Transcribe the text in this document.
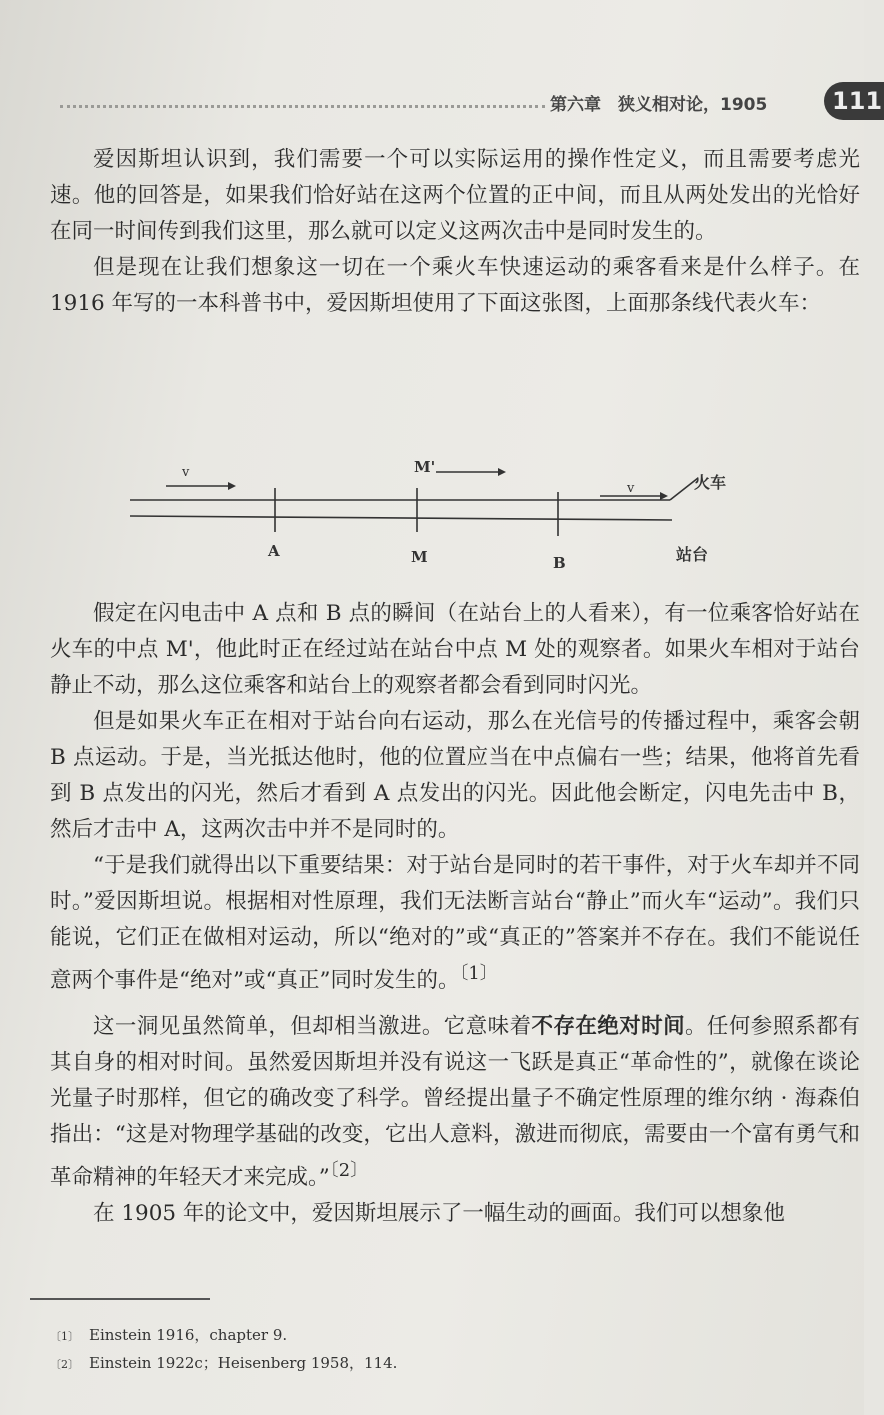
第六章　狭义相对论，1905	111

爱因斯坦认识到，我们需要一个可以实际运用的操作性定义，而且需要考虑光速。他的回答是，如果我们恰好站在这两个位置的正中间，而且从两处发出的光恰好在同一时间传到我们这里，那么就可以定义这两次击中是同时发生的。

但是现在让我们想象这一切在一个乘火车快速运动的乘客看来是什么样子。在 1916 年写的一本科普书中，爱因斯坦使用了下面这张图，上面那条线代表火车：

v
v
M'
A	M	B
火车
站台

假定在闪电击中 A 点和 B 点的瞬间（在站台上的人看来），有一位乘客恰好站在火车的中点 M'，他此时正在经过站在站台中点 M 处的观察者。如果火车相对于站台静止不动，那么这位乘客和站台上的观察者都会看到同时闪光。

但是如果火车正在相对于站台向右运动，那么在光信号的传播过程中，乘客会朝 B 点运动。于是，当光抵达他时，他的位置应当在中点偏右一些；结果，他将首先看到 B 点发出的闪光，然后才看到 A 点发出的闪光。因此他会断定，闪电先击中 B，然后才击中 A，这两次击中并不是同时的。

“于是我们就得出以下重要结果：对于站台是同时的若干事件，对于火车却并不同时。”爱因斯坦说。根据相对性原理，我们无法断言站台“静止”而火车“运动”。我们只能说，它们正在做相对运动，所以“绝对的”或“真正的”答案并不存在。我们不能说任意两个事件是“绝对”或“真正”同时发生的。$^{〔1〕}$

这一洞见虽然简单，但却相当激进。它意味着不存在绝对时间。任何参照系都有其自身的相对时间。虽然爱因斯坦并没有说这一飞跃是真正“革命性的”，就像在谈论光量子时那样，但它的确改变了科学。曾经提出量子不确定性原理的维尔纳 · 海森伯指出：“这是对物理学基础的改变，它出人意料，激进而彻底，需要由一个富有勇气和革命精神的年轻天才来完成。”$^{〔2〕}$

在 1905 年的论文中，爱因斯坦展示了一幅生动的画面。我们可以想象他

〔1〕 Einstein 1916，chapter 9.
〔2〕 Einstein 1922c；Heisenberg 1958，114.
